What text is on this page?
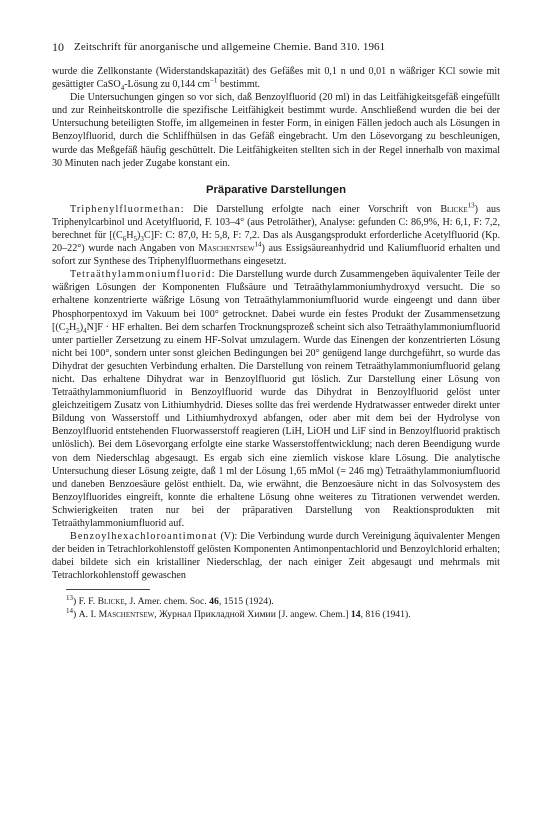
10 Zeitschrift für anorganische und allgemeine Chemie. Band 310. 1961

wurde die Zellkonstante (Widerstandskapazität) des Gefäßes mit 0,1 n und 0,01 n wäßriger KCl sowie mit gesättigter CaSO$_4$-Lösung zu 0,144 $cm^{-1}$ bestimmt.

Die Untersuchungen gingen so vor sich, daß Benzoylfluorid (20 ml) in das Leitfähigkeitsgefäß eingefüllt und zur Reinheitskontrolle die spezifische Leitfähigkeit bestimmt wurde. Anschließend wurden die bei der Untersuchung beteiligten Stoffe, im allgemeinen in fester Form, in einigen Fällen jedoch auch als Lösungen in Benzoylfluorid, durch die Schliffhülsen in das Gefäß eingebracht. Um den Lösevorgang zu beschleunigen, wurde das Meßgefäß häufig geschüttelt. Die Leitfähigkeiten stellten sich in der Regel innerhalb von maximal 30 Minuten nach jeder Zugabe konstant ein.

Präparative Darstellungen

Triphenylfluormethan: Die Darstellung erfolgte nach einer Vorschrift von Blicke$^{13}$) aus Triphenylcarbinol und Acetylfluorid, F. 103–4° (aus Petroläther), Analyse: gefunden C: 86,9%, H: 6,1, F: 7,2, berechnet für $[(C_6H_5)_3C]F$: C: 87,0, H: 5,8, F: 7,2. Das als Ausgangsprodukt erforderliche Acetylfluorid (Kp. 20–22°) wurde nach Angaben von Maschentsew$^{14}$) aus Essigsäureanhydrid und Kaliumfluorid erhalten und sofort zur Synthese des Triphenylfluormethans eingesetzt.

Tetraäthylammoniumfluorid: Die Darstellung wurde durch Zusammengeben äquivalenter Teile der wäßrigen Lösungen der Komponenten Flußsäure und Tetraäthylammoniumhydroxyd versucht. Die so erhaltene konzentrierte wäßrige Lösung von Tetraäthylammoniumfluorid wurde eingeengt und dann über Phosphorpentoxyd im Vakuum bei 100° getrocknet. Dabei wurde ein festes Produkt der Zusammensetzung $[(C_2H_5)_4N]F$ · HF erhalten. Bei dem scharfen Trocknungsprozeß scheint sich also Tetraäthylammoniumfluorid unter partieller Zersetzung zu einem HF-Solvat umzulagern. Wurde das Einengen der konzentrierten Lösung nicht bei 100°, sondern unter sonst gleichen Bedingungen bei 20° genügend lange durchgeführt, so wurde das Dihydrat der gesuchten Verbindung erhalten. Die Darstellung von reinem Tetraäthylammoniumfluorid gelang nicht. Das erhaltene Dihydrat war in Benzoylfluorid gut löslich. Zur Darstellung einer Lösung von Tetraäthylammoniumfluorid in Benzoylfluorid wurde das Dihydrat in Benzoylfluorid gelöst unter gleichzeitigem Zusatz von Lithiumhydrid. Dieses sollte das frei werdende Hydratwasser entweder direkt unter Bildung von Wasserstoff und Lithiumhydroxyd abfangen, oder aber mit dem bei der Hydrolyse von Benzoylfluorid entstehenden Fluorwasserstoff reagieren (LiH, LiOH und LiF sind in Benzoylfluorid praktisch unlöslich). Bei dem Lösevorgang erfolgte eine starke Wasserstoffentwicklung; nach deren Beendigung wurde von dem Niederschlag abgesaugt. Es ergab sich eine ziemlich viskose klare Lösung. Die analytische Untersuchung dieser Lösung zeigte, daß 1 ml der Lösung 1,65 mMol (= 246 mg) Tetraäthylammoniumfluorid und daneben Benzoesäure gelöst enthielt. Da, wie erwähnt, die Benzoesäure nicht in das Solvosystem des Benzoylfluorides eingreift, konnte die erhaltene Lösung ohne weiteres zu Titrationen verwendet werden. Schwierigkeiten traten nur bei der präparativen Darstellung von Reaktionsprodukten mit Tetraäthylammoniumfluorid auf.

Benzoylhexachloroantimonat (V): Die Verbindung wurde durch Vereinigung äquivalenter Mengen der beiden in Tetrachlorkohlenstoff gelösten Komponenten Antimonpentachlorid und Benzoylchlorid erhalten; dabei bildete sich ein kristalliner Niederschlag, der nach einiger Zeit abgesaugt und mehrmals mit Tetrachlorkohlenstoff gewaschen

$^{13}$) F. F. Blicke, J. Amer. chem. Soc. 46, 1515 (1924).
$^{14}$) A. I. Maschentsew, Журнал Прикладной Химии [J. angew. Chem.] 14, 816 (1941).
